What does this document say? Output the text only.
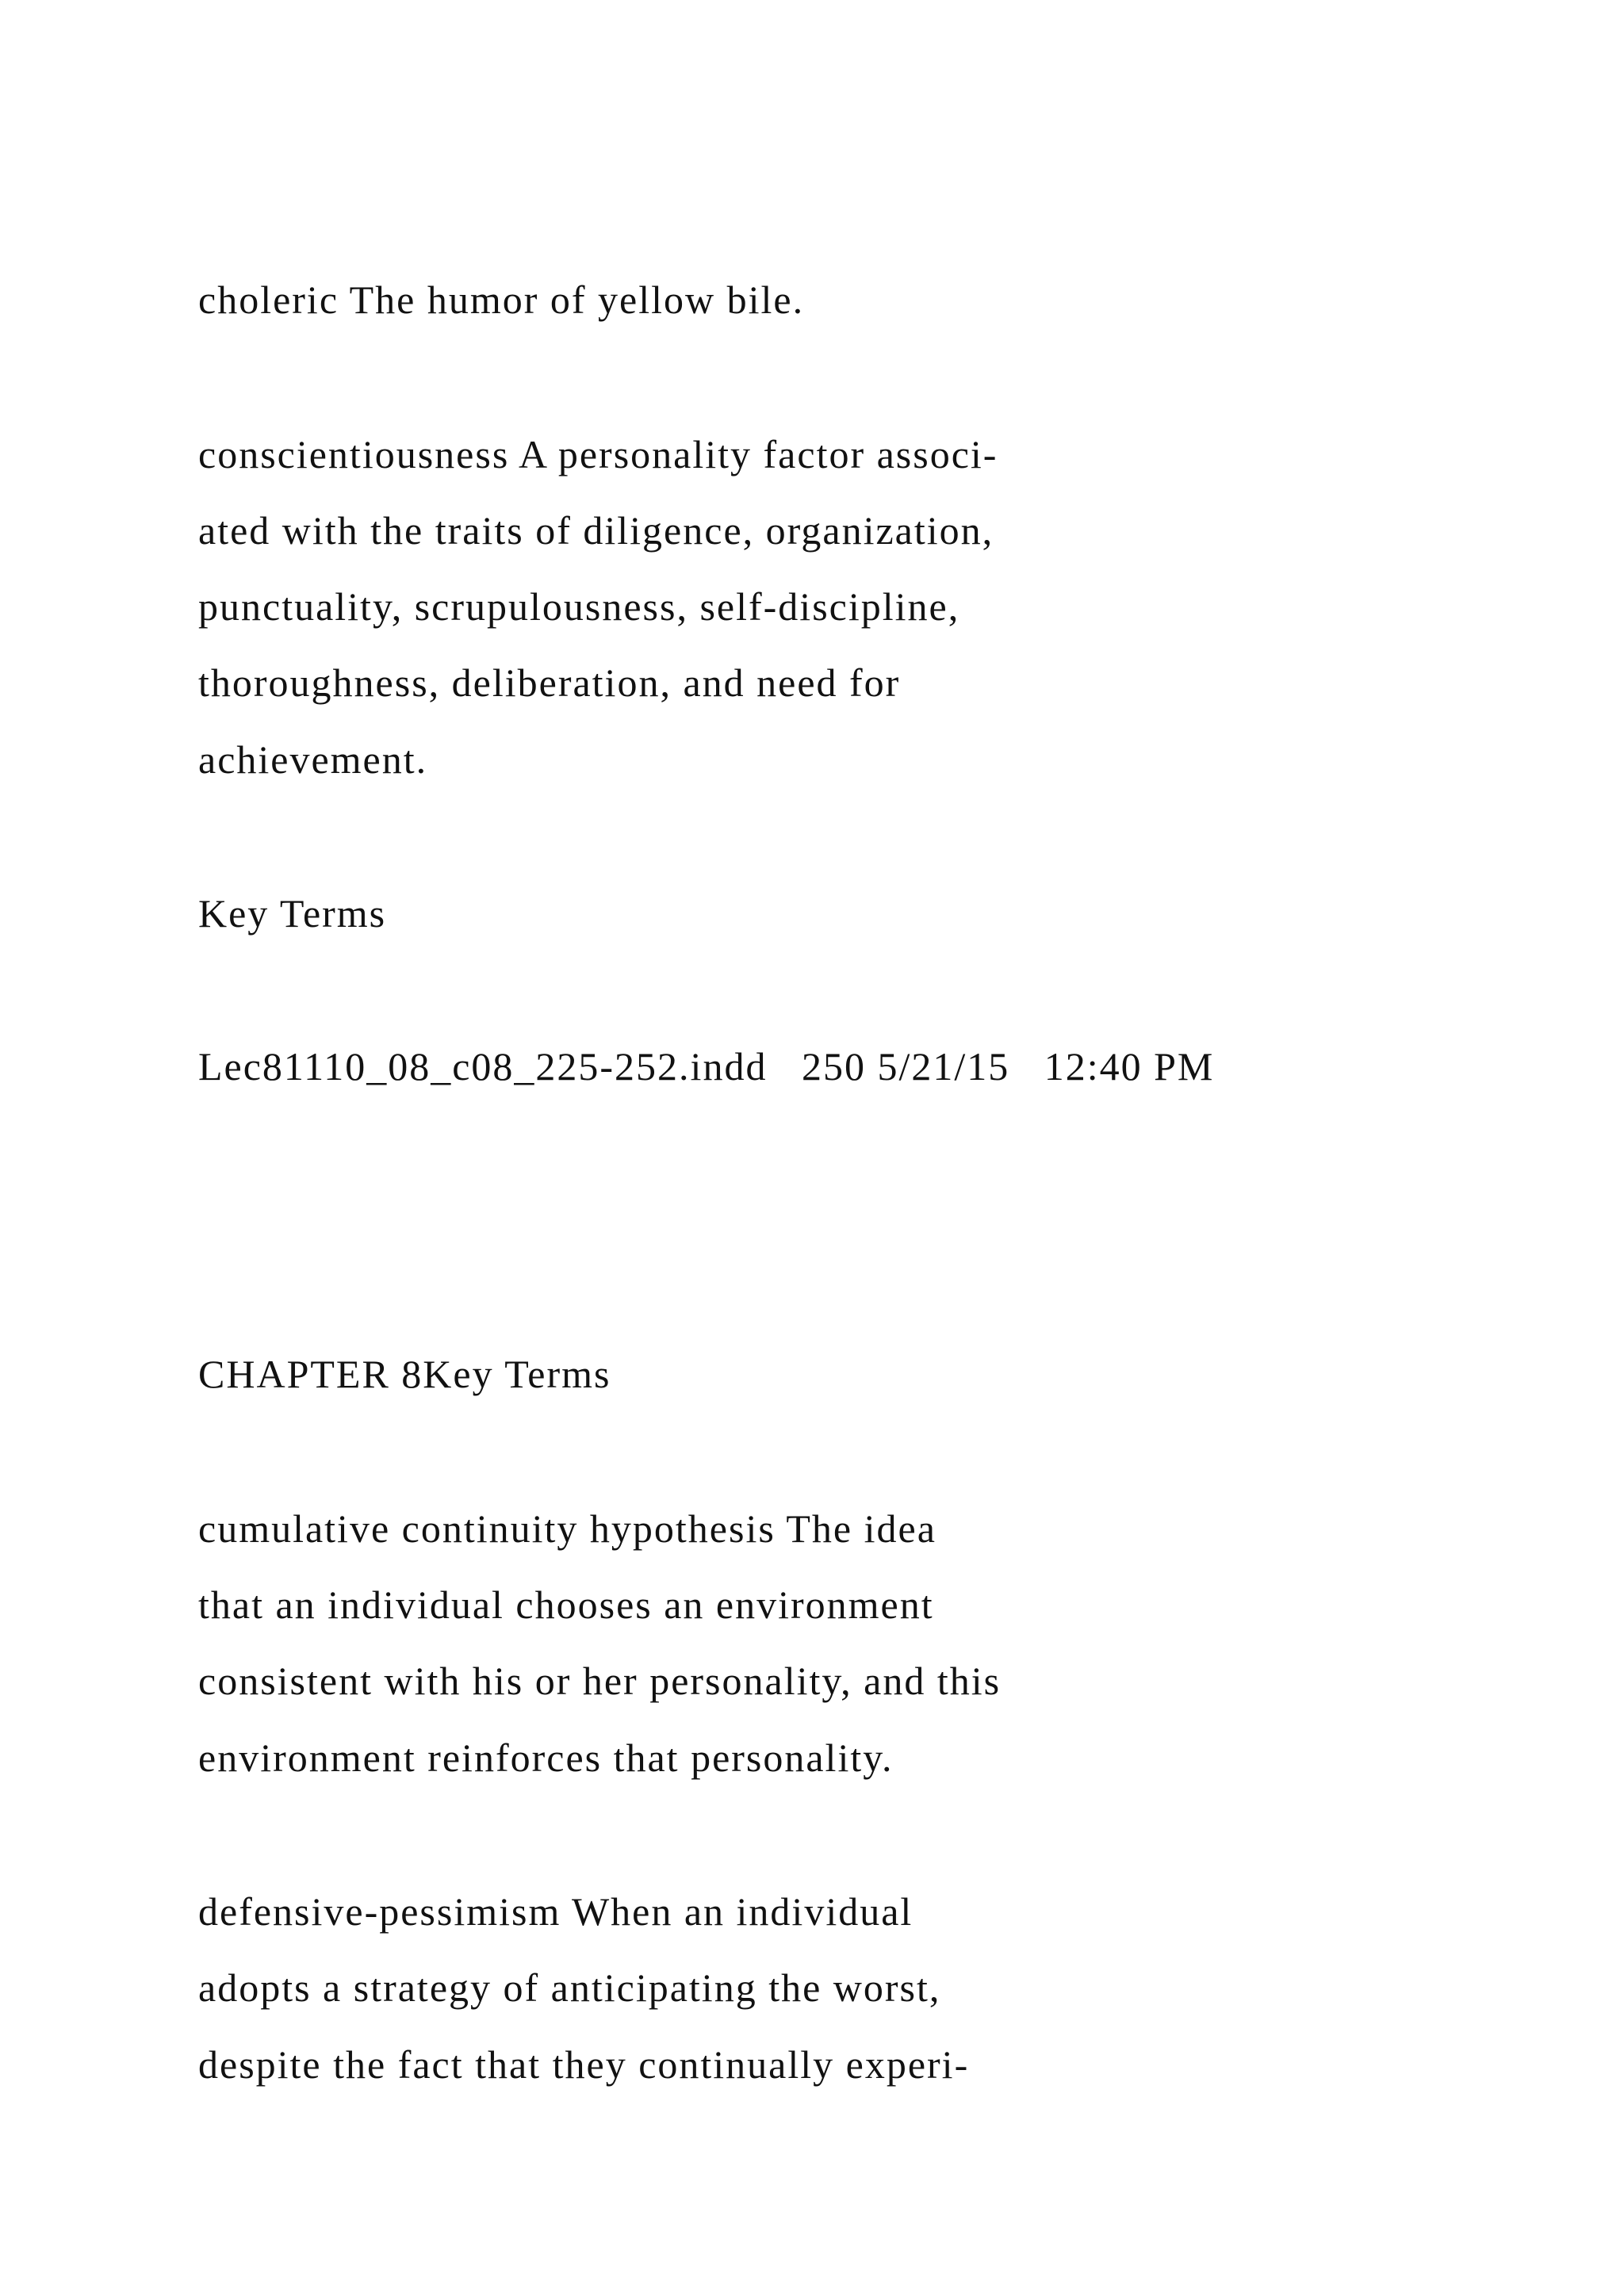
choleric The humor of yellow bile.

conscientiousness A personality factor associ-

ated with the traits of diligence, organization,

punctuality, scrupulousness, self-discipline,

thoroughness, deliberation, and need for

achievement.

Key Terms

Lec81110_08_c08_225-252.indd   250 5/21/15   12:40 PM

CHAPTER 8Key Terms

cumulative continuity hypothesis The idea

that an individual chooses an environment

consistent with his or her personality, and this

environment reinforces that personality.

defensive-pessimism When an individual

adopts a strategy of anticipating the worst,

despite the fact that they continually experi-
